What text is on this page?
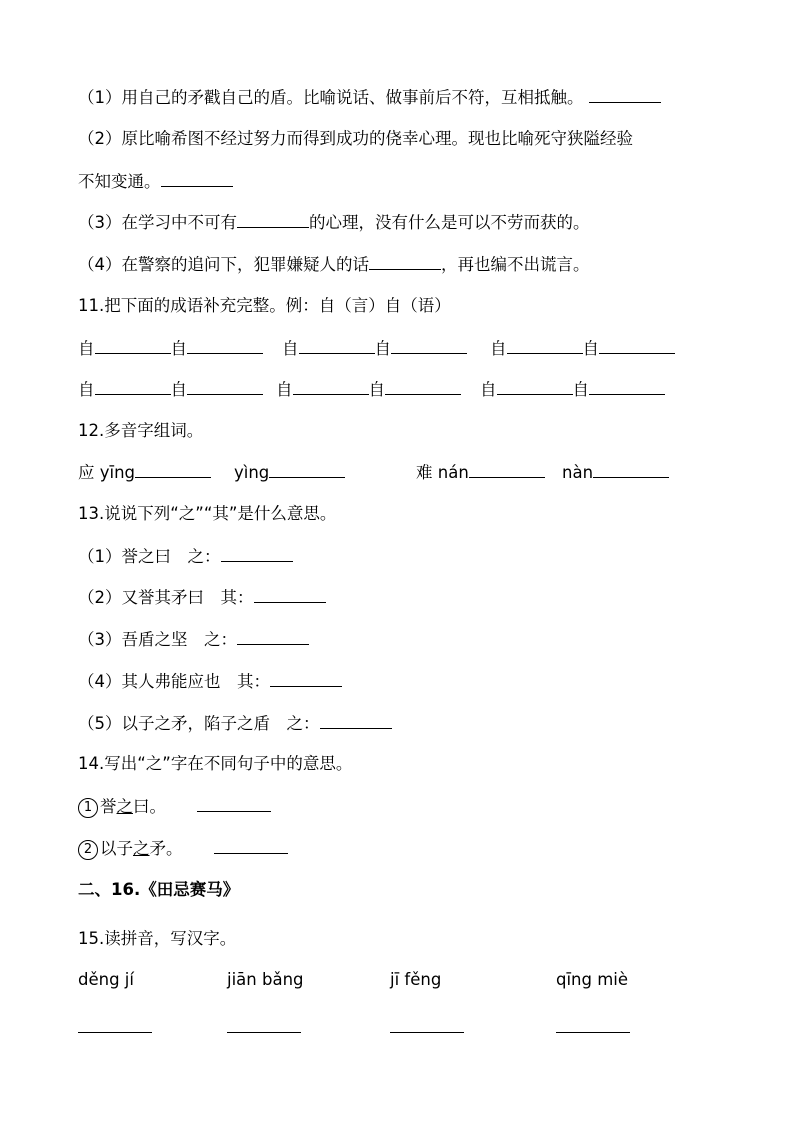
（1）用自己的矛戳自己的盾。比喻说话、做事前后不符，互相抵触。
（2）原比喻希图不经过努力而得到成功的侥幸心理。现也比喻死守狭隘经验
不知变通。
（3）在学习中不可有	的心理，没有什么是可以不劳而获的。
（4）在警察的追问下，犯罪嫌疑人的话	，再也编不出谎言。
11.把下面的成语补充完整。例：自（言）自（语）
自	自	自	自	自	自
自	自	自	自	自	自
12.多音字组词。
应 yīng	yìng	难 nán	nàn
13.说说下列“之”“其”是什么意思。
（1）誉之曰　之：
（2）又誉其矛曰　其：
（3）吾盾之坚　之：
（4）其人弗能应也　其：
（5）以子之矛，陷子之盾　之：
14.写出“之”字在不同句子中的意思。
1 誉之曰。
2 以子之矛。
二、16.《田忌赛马》
15.读拼音，写汉字。
děng jí	jiān bǎng	jī fěng	qīng miè
